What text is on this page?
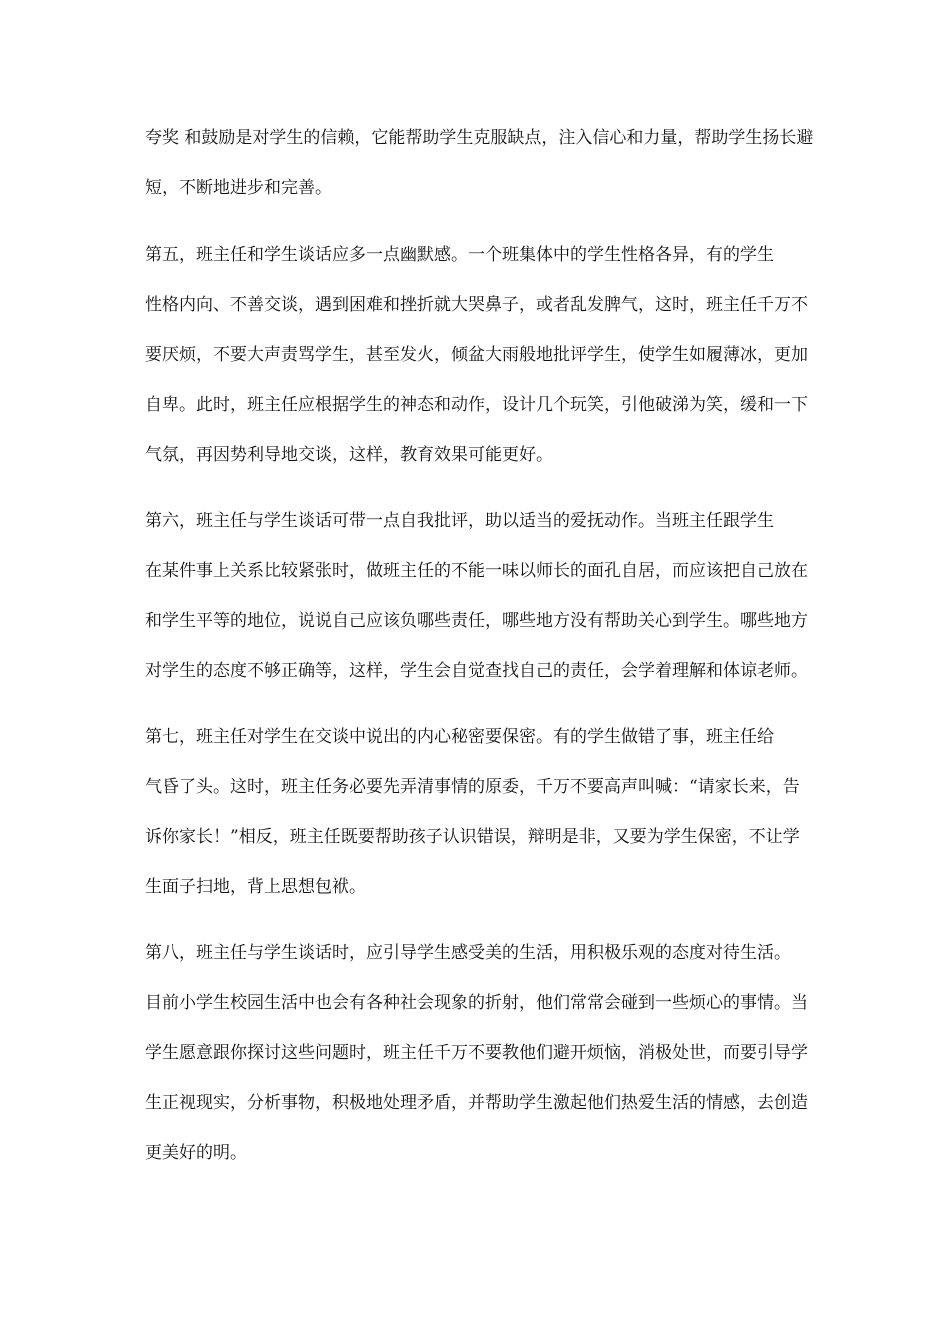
夸奖 和鼓励是对学生的信赖，它能帮助学生克服缺点，注入信心和力量，帮助学生扬长避
短，不断地进步和完善。
第五，班主任和学生谈话应多一点幽默感。一个班集体中的学生性格各异，有的学生
性格内向、不善交谈，遇到困难和挫折就大哭鼻子，或者乱发脾气，这时，班主任千万不
要厌烦，不要大声责骂学生，甚至发火，倾盆大雨般地批评学生，使学生如履薄冰，更加
自卑。此时，班主任应根据学生的神态和动作，设计几个玩笑，引他破涕为笑，缓和一下
气氛，再因势利导地交谈，这样，教育效果可能更好。
第六，班主任与学生谈话可带一点自我批评，助以适当的爱抚动作。当班主任跟学生
在某件事上关系比较紧张时，做班主任的不能一味以师长的面孔自居，而应该把自己放在
和学生平等的地位，说说自己应该负哪些责任，哪些地方没有帮助关心到学生。哪些地方
对学生的态度不够正确等，这样，学生会自觉查找自己的责任，会学着理解和体谅老师。
第七，班主任对学生在交谈中说出的内心秘密要保密。有的学生做错了事，班主任给
气昏了头。这时，班主任务必要先弄清事情的原委，千万不要高声叫喊：“请家长来，告
诉你家长！”相反，班主任既要帮助孩子认识错误，辩明是非，又要为学生保密，不让学
生面子扫地，背上思想包袱。
第八，班主任与学生谈话时，应引导学生感受美的生活，用积极乐观的态度对待生活。
目前小学生校园生活中也会有各种社会现象的折射，他们常常会碰到一些烦心的事情。当
学生愿意跟你探讨这些问题时，班主任千万不要教他们避开烦恼，消极处世，而要引导学
生正视现实，分析事物，积极地处理矛盾，并帮助学生激起他们热爱生活的情感，去创造
更美好的明。
